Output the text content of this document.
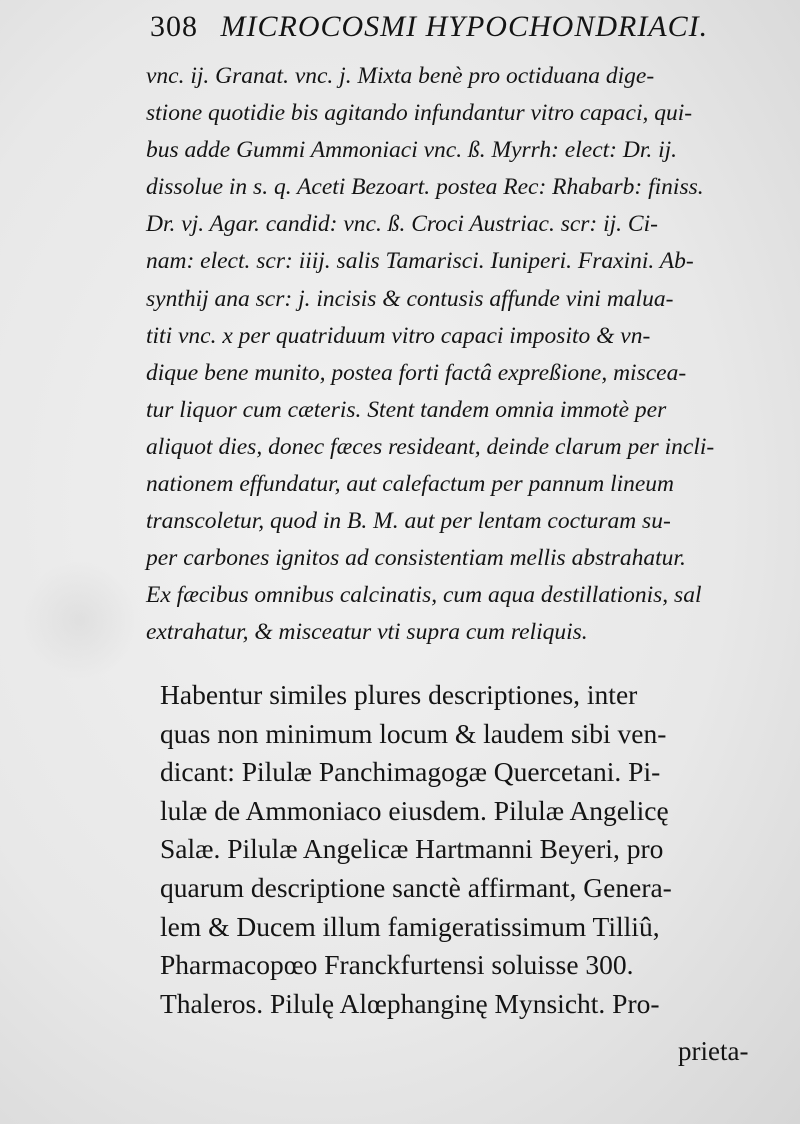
308 MICROCOSMI HYPOCHONDRIACI.
vnc. ij. Granat. vnc. j. Mixta benè pro octiduana dige-
stione quotidie bis agitando infundantur vitro capaci, qui-
bus adde Gummi Ammoniaci vnc. ß. Myrrh: elect: Dr. ij.
dissolue in s. q. Aceti Bezoart. postea Rec: Rhabarb: finiss.
Dr. vj. Agar. candid: vnc. ß. Croci Austriac. scr: ij. Ci-
nam: elect. scr: iiij. salis Tamarisci. Iuniperi. Fraxini. Ab-
synthij ana scr: j. incisis & contusis affunde vini malua-
titi vnc. x per quatriduum vitro capaci imposito & vn-
dique bene munito, postea forti factâ expreßione, misceа-
tur liquor cum cæteris. Stent tandem omnia immotè per
aliquot dies, donec fæces resideant, deinde clarum per incli-
nationem effundatur, aut calefactum per pannum lineum
transcoletur, quod in B. M. aut per lentam cocturam su-
per carbones ignitos ad consistentiam mellis abstrahatur.
Ex fæcibus omnibus calcinatis, cum aqua destillationis, sal
extrahatur, & misceatur vti supra cum reliquis.
Habentur similes plures descriptiones, inter
quas non minimum locum & laudem sibi ven-
dicant: Pilulæ Panchimagogæ Quercetani. Pi-
lulæ de Ammoniaco eiusdem. Pilulæ Angelicę
Salæ. Pilulæ Angelicæ Hartmanni Beyeri, pro
quarum descriptione sanctè affirmant, Genera-
lem & Ducem illum famigeratissimum Tilliû,
Pharmacopœo Franckfurtensi soluisse 300.
Thaleros. Pilulę Alœphanginę Mynsicht. Pro-
prieta-
